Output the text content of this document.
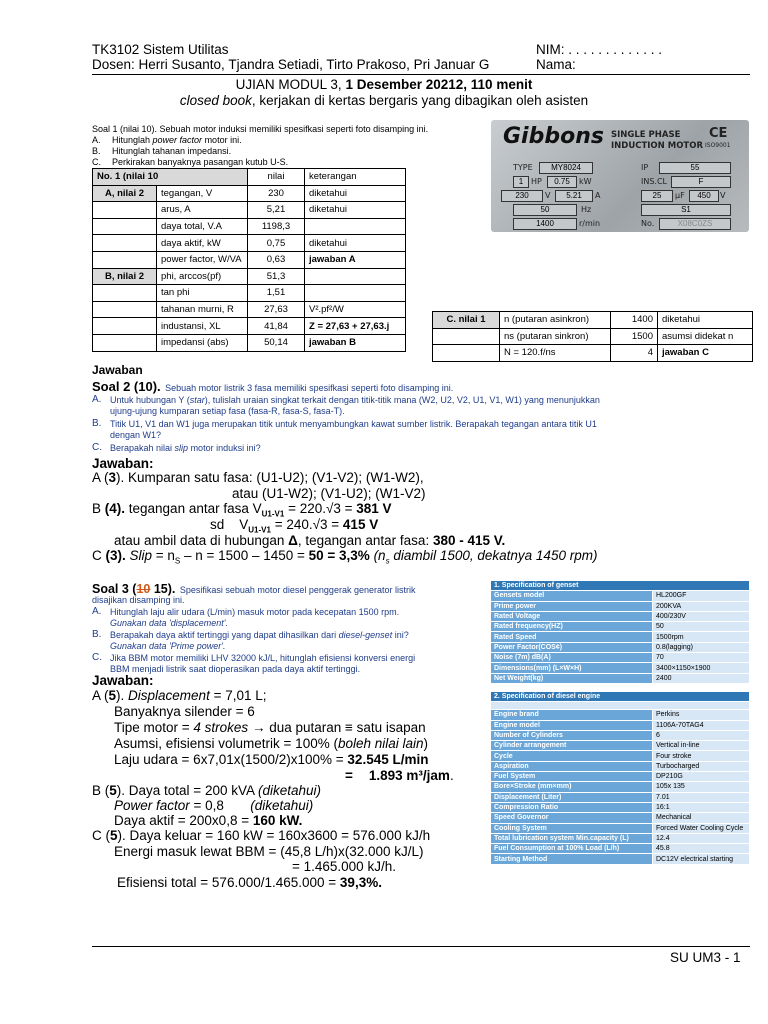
TK3102 Sistem Utilitas
Dosen: Herri Susanto, Tjandra Setiadi, Tirto Prakoso, Pri Januar G
NIM: . . . . . . . . . . . . .
Nama:
UJIAN MODUL 3, 1 Desember 20212, 110 menit
closed book, kerjakan di kertas bergaris yang dibagikan oleh asisten
Soal 1 (nilai 10). Sebuah motor induksi memiliki spesifkasi seperti foto disamping ini.
A. Hitunglah power factor motor ini.
B. Hitunglah tahanan impedansi.
C. Perkirakan banyaknya pasangan kutub U-S.
No. 1 (nilai 10		nilai	keterangan
A, nilai 2	tegangan, V	230	diketahui
	arus, A	5,21	diketahui
	daya total, V.A	1198,3	
	daya aktif, kW	0,75	diketahui
	power factor, W/VA	0,63	jawaban A
B, nilai 2	phi, arccos(pf)	51,3	
	tan phi	1,51	
	tahanan murni, R	27,63	V².pf²/W
	industansi, XL	41,84	Z = 27,63 + 27,63.j
	impedansi (abs)	50,14	jawaban B
C. nilai 1	n (putaran asinkron)	1400	diketahui
	ns (putaran sinkron)	1500	asumsi didekat n
	N = 120.f/ns	4	jawaban C
Gibbons SINGLE PHASE
INDUCTION MOTOR
CE
ISO9001
TYPE	MY8024	IP	55
1 HP	0.75	kW	INS.CL	F
230	V	5.21	A	25	μF	450	V
50	Hz	S1
1400	r/min	No.	X08C0ZS
Jawaban
Soal 2 (10). Sebuah motor listrik 3 fasa memiliki spesifkasi seperti foto disamping ini.
A. Untuk hubungan Y (star), tulislah uraian singkat terkait dengan titik-titik mana (W2, U2, V2, U1, V1, W1) yang menunjukkan
ujung-ujung kumparan setiap fasa (fasa-R, fasa-S, fasa-T).
B. Titik U1, V1 dan W1 juga merupakan titik untuk menyambungkan kawat sumber listrik. Berapakah tegangan antara titik U1
dengan W1?
C. Berapakah nilai slip motor induksi ini?
Jawaban:
A (3). Kumparan satu fasa: (U1-U2); (V1-V2); (W1-W2),
atau (U1-W2); (V1-U2); (W1-V2)
B (4). tegangan antar fasa $V_{U1-V1} = 220.√3 = 381$ V
sd    $V_{U1-V1} = 240.√3 = 415$ V
atau ambil data di hubungan Δ, tegangan antar fasa: 380 - 415 V.
C (3). Slip = $n_S - n = 1500 - 1450 = 50 = 3,3\%$ ($n_s$ diambil 1500, dekatnya 1450 rpm)
Soal 3 (10 15). Spesifikasi sebuah motor diesel penggerak generator listrik
disajikan disamping ini.
A. Hitunglah laju alir udara (L/min) masuk motor pada kecepatan 1500 rpm.
Gunakan data 'displacement'.
B. Berapakah daya aktif tertinggi yang dapat dihasilkan dari diesel-genset ini?
Gunakan data 'Prime power'.
C. Jika BBM motor memiliki LHV 32000 kJ/L, hitunglah efisiensi konversi energi
BBM menjadi listrik saat dioperasikan pada daya aktif tertinggi.
Jawaban:
A (5). Displacement = 7,01 L;
Banyaknya silender = 6
Tipe motor = 4 strokes → dua putaran ≡ satu isapan
Asumsi, efisiensi volumetrik = 100% (boleh nilai lain)
Laju udara = 6x7,01x(1500/2)x100% = 32.545 L/min
= 1.893 m³/jam.
B (5). Daya total = 200 kVA (diketahui)
Power factor = 0,8       (diketahui)
Daya aktif = 200x0,8 = 160 kW.
C (5). Daya keluar = 160 kW = 160x3600 = 576.000 kJ/h
Energi masuk lewat BBM = (45,8 L/h)x(32.000 kJ/L)
= 1.465.000 kJ/h.
Efisiensi total = 576.000/1.465.000 = 39,3%.
1. Specification of genset	
Gensets model	HL200GF
Prime power	200KVA
Rated Voltage	400/230V
Rated frequency(HZ)	50
Rated Speed	1500rpm
Power Factor(COS¢)	0.8(lagging)
Noise (7m) dB(A)	70
Dimensions(mm) (L×W×H)	3400×1150×1900
Net Weight(kg)	2400

2. Specification of diesel engine	

Engine brand	Perkins
Engine model	1106A-70TAG4
Number of Cylinders	6
Cylinder arrangement	Vertical in-line
Cycle	Four stroke
Aspiration	Turbocharged
Fuel System	DP210G
Bore×Stroke (mm×mm)	105x 135
Displacement (Liter)	7.01
Compression Ratio	16:1
Speed Governor	Mechanical
Cooling System	Forced Water Cooling Cycle
Total lubrication system Min.capacity (L)	12.4
Fuel Consumption at 100% Load (L/h)	45.8
Starting Method	DC12V electrical starting
SU UM3 - 1
